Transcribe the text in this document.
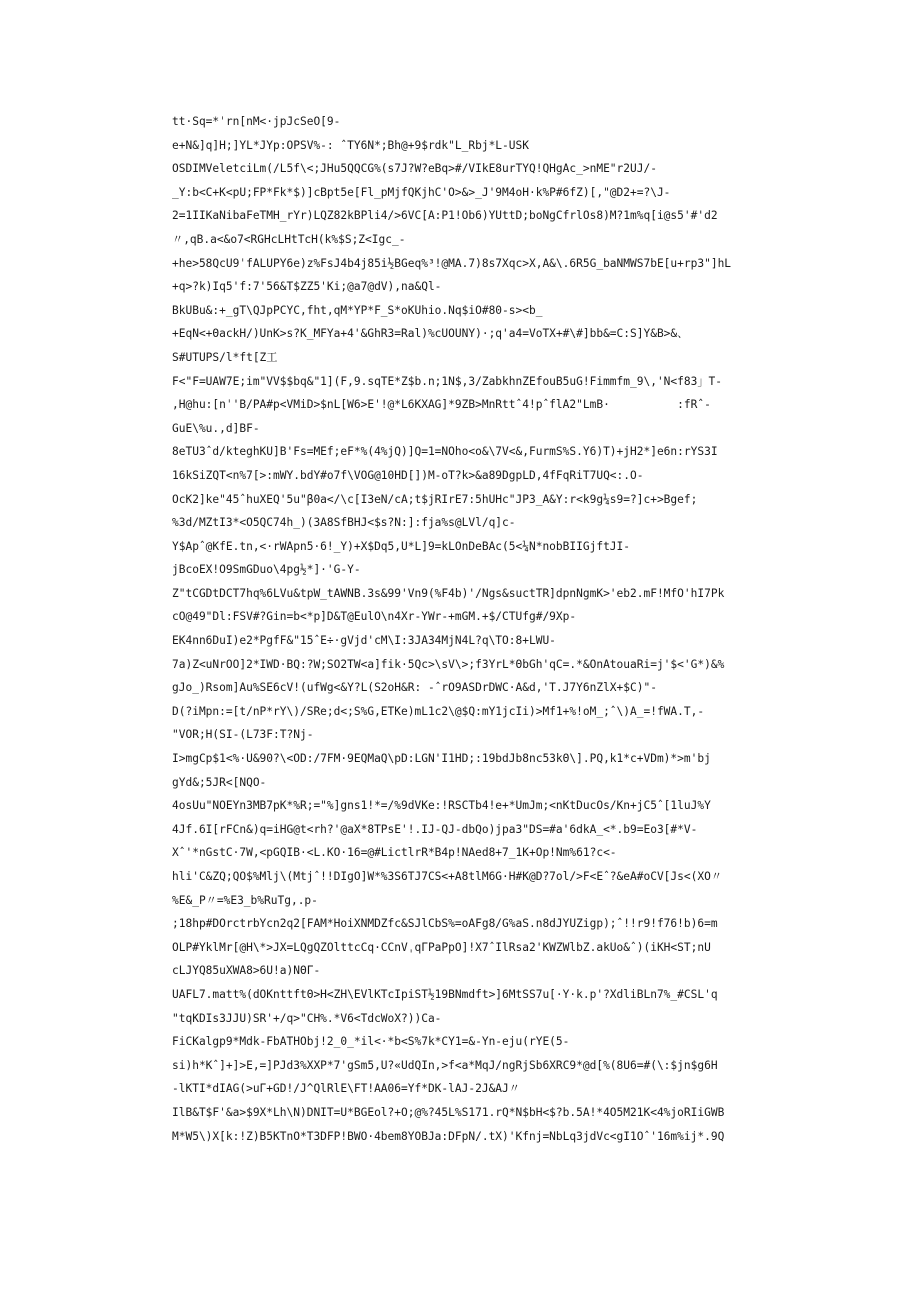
tt·Sq=*ˈrn[nM<·jpJcSeO[9-
e+N&]q]H;]YL*JYp:OPSV%-: ˆTY6N*;Bh@+9$rdk"L_Rbj*L-USK
OSDIMVeletciLm(/L5f\<;JHu5QQCG%(s7J?W?eBq>#/VIkE8urTYQ!QHgAc_>nME"r2UJ/-
_Y:b<C+K<pU;FP*Fk*$)]cBpt5e[Fl_pMjfQKjhC'O>&>_J'9M4oH·k%P#6fZ)[,"@D2+=?\J-
2=1IIKaNibaFeTMH_rYr)LQZ82kBPli4/>6VC[A:P1!Ob6)YUttD;boNgCfrlOs8)M?1m%q[i@s5'#'d2
〃,qB.a<&o7<RGHcLHtTcH(k%$S;Z<Igc_-
+he>58QcU9ˈfALUPY6e)z%FsJ4b4j85i½BGeq%³!@MA.7)8s7Xqc>X,A&\.6R5G_baNMWS7bE[u+rp3"]hL
+q>?k)Iq5'f:7'56&T$ZZ5'Ki;@a7@dV),na&Ql-
BkUBu&:+_gT\QJpPCYC,fht,qM*YP*F_S*oKUhio.Nq$iO#80-s><b_
+EqN<+ΘackH/)UnK>s?K_MFYa+4'&GhR3=Ral)%cUOUNY)·;q'a4=VoTX+#\#]bb&=C:S]Y&B>&、
S#UTUPS/l*ft[Z工
F<"F=UAW7E;im"VV$$bq&"1](F,9.sqTE*Z$b.n;1N$,3/ZabkhnZEfouB5uG!Fimmfm_9\,'N<f83」T-
,H@hu:[nˈ'B/PA#p<VMiD>$nL[W6>E'!@*L6KXAG]*9ZB>MnRttˆ4!pˆflA2"LmB·          :fRˆ-
GuE\%u.,d]BF-
8eTU3ˆd/kteghKU]B'Fs=MEf;eF*%(4%jQ)]Q=1=NOho<o&\7V<&,FurmS%S.Y6)T)+jH2*]e6n:rYS3I
16kSiZQT<n%7[>:mWY.bdY#o7f\VOG@10HD[])M-oT?k>&a89DgpLD,4fFqRiT7UQ<:.O-
OcK2]ke"45ˆhuXEQ'5u"β0a</\c[I3eN/cA;t$jRIrE7:5hUHc"JP3_A&Y:r<k9g¼s9=?]c+>Bgef;
%3d/MZtI3*<O5QC74h_)(3A8SfBHJ<$s?N:]:fja%s@LVl/q]c-
Y$Apˆ@KfE.tn,<·rWApn5·6!_Y)+X$Dq5,U*L]9=kLOnDeBAc(5<¼N*nobBIIGjftJI-
jBcoEX!O9SmGDuo\4pg½*]·'G-Y-
Z"tCGDtDCT7hq%6LVu&tpW_tAWNB.3s&99'Vn9(%F4b)'/Ngs&suctTR]dpnNgmK>'eb2.mF!MfO'hI7Pk
cO@49"Dl:FSV#?Gin=b<*p]D&T@EulO\n4Xr-YWr-+mGM.+$/CTUfg#/9Xp-
EK4nn6DuI)e2*PgfF&"15ˆE÷·gVjd'cM\I:3JA34MjN4L?q\TO:8+LWU-
7a)Z<uNrOO]2*IWD·BQ:?W;SO2TW<a]fik·5Qc>\sV\>;f3YrL*ΘbGh'qC=.*&OnAtouaRi=j'$<'G*)&%
gJo_)Rsom]Au%SE6cV!(ufWg<&Y?L(S2oH&R: -ˆrO9ASDrDWC·A&d,'T.J7Y6nZlX+$C)"-
D(?iMpn:=[t/nP*rY\)/SRe;d<;S%G,ETKe)mL1c2\@$Q:mY1jcIi)>Mf1+%!oM_;ˆ\)A_=!fWA.T,-
"VOR;H(SI-(L73F:T?Nj-
I>mgCp$1<%·U&90?\<OD:/7FM·9EQMaQ\pD:LGN'I1HD;:19bdJb8nc53kΘ\].PQ,k1*c+VDm)*>m'bj
gYd&;5JR<[NQO-
4osUu"NOEYn3MB7pK*%R;="%]gns1!*=/%9dVKe:!RSCTb4!e+*UmJm;<nKtDucOs/Kn+jC5ˆ[1luJ%Y
4Jf.6I[rFCn&)q=iHG@t<rh?'@aX*8TPsE'!.IJ-QJ-dbQo)jpa3"DS=#a'6dkA_<*.b9=Eo3[#*V-
Xˆ'*nGstC·7W,<pGQIB·<L.KO·16=@#LictlrR*B4p!NAed8+7_1K+Op!Nm%61?c<-
hli'C&ZQ;QO$%Mlj\(Mtjˆ!!DIgO]W*%3S6TJ7CS<+A8tlM6G·H#K@D?7ol/>F<Eˆ?&eA#oCV[Js<(XO〃
%E&_P〃=%E3_b%RuTg,.p-
;18hp#DOrctrbYcn2q2[FAM*HoiXNMDZfc&SJlCbS%=oAFg8/G%aS.n8dJYUZigp);ˆ!!r9!f76!b)6=m
OLP#YklMr[@H\*>JX=LQgQZOlttcCq·CCnVˌqΓPaPpO]!X7ˆIlRsa2'KWZWlbZ.akUo&ˆ)(iKH<ST;nU
cLJYQ85uXWA8>6U!a)NΘΓ-
UAFL7.matt%(dOKnttftΘ>H<ZH\EVlKTcIpiST½19BNmdft>]6MtSS7u[·Y·k.p'?XdliBLn7%_#CSL'q
"tqKDIs3JJU)SR'+/q>"CH%.*V6<TdcWoX?))Ca-
FiCKalgp9*Mdk-FbATHObj!2_0_*il<·*b<S%7k*CY1=&-Yn-eju(rYE(5-
si)h*Kˆ]+]>E,=]PJd3%XXP*7'gSm5,U?«UdQIn,>f<a*MqJ/ngRjSb6XRC9*@d[%(8U6=#(\:$jn$g6H
-lKTI*dIAG(>uΓ+GD!/J^QlRlE\FT!AA06=Yf*DK-lAJ-2J&AJ〃
IlB&T$F'&a>$9X*Lh\N)DNIT=U*BGEol?+O;@%?45L%S171.rQ*N$bH<$?b.5A!*4O5M21K<4%joRIiGWB
M*W5\)X[k:!Z)B5KTnO*T3DFP!BWO·4bem8YOBJa:DFpN/.tX)'Kfnj=NbLq3jdVc<gI1Oˆ'16m%ij*.9Q
